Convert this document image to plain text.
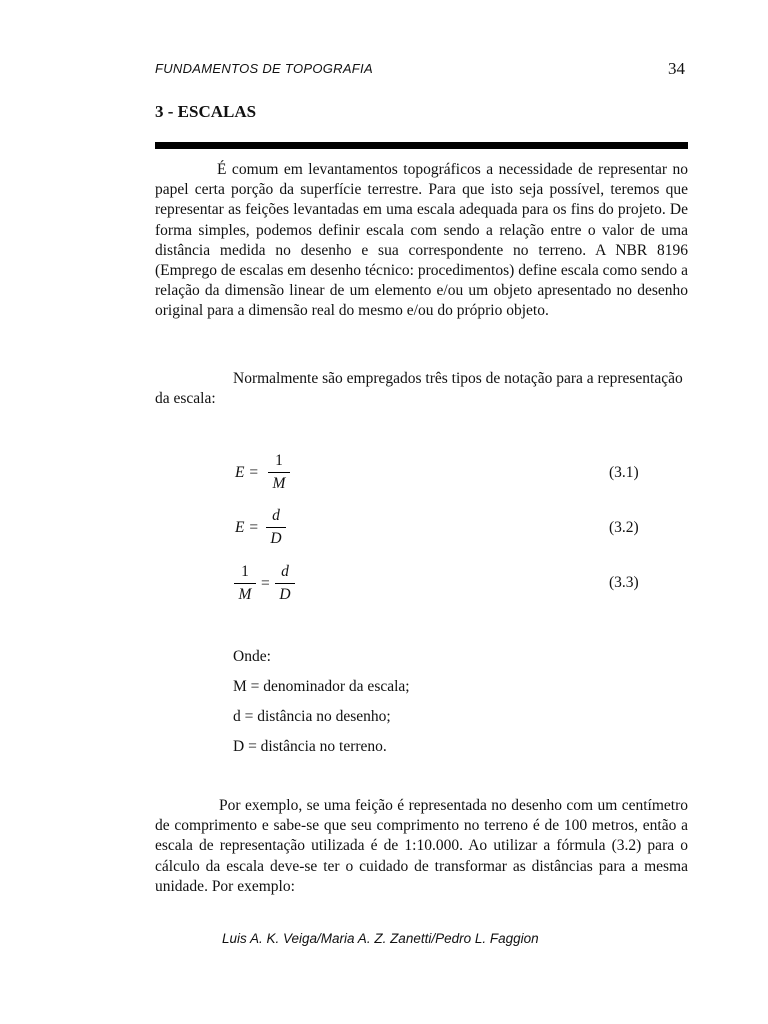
FUNDAMENTOS DE TOPOGRAFIA	34
3 - ESCALAS

É comum em levantamentos topográficos a necessidade de representar no papel certa porção da superfície terrestre. Para que isto seja possível, teremos que representar as feições levantadas em uma escala adequada para os fins do projeto. De forma simples, podemos definir escala com sendo a relação entre o valor de uma distância medida no desenho e sua correspondente no terreno. A NBR 8196 (Emprego de escalas em desenho técnico: procedimentos) define escala como sendo a relação da dimensão linear de um elemento e/ou um objeto apresentado no desenho original para a dimensão real do mesmo e/ou do próprio objeto.

Normalmente são empregados três tipos de notação para a representação da escala:

E =
1
M
(3.1)
E =
d
D
(3.2)
1
M
=
d
D
(3.3)
Onde:
M = denominador da escala;
d = distância no desenho;
D = distância no terreno.

Por exemplo, se uma feição é representada no desenho com um centímetro de comprimento e sabe-se que seu comprimento no terreno é de 100 metros, então a escala de representação utilizada é de 1:10.000. Ao utilizar a fórmula (3.2) para o cálculo da escala deve-se ter o cuidado de transformar as distâncias para a mesma unidade. Por exemplo:

Luis A. K. Veiga/Maria A. Z. Zanetti/Pedro L. Faggion
